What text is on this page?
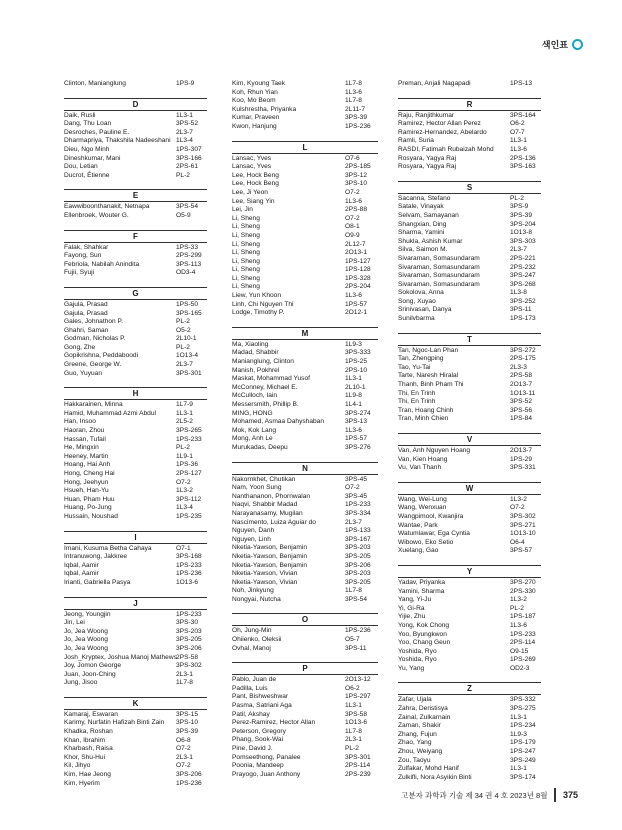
색인표
Clinton, Manianglung	1PS-9
D
Daik, Rusli	1L3-1
Dang, Thu Loan	3PS-52
Desroches, Pauline E.	2L3-7
Dharmapriya, Thakshila Nadeeshani 1L3-4
Dieu, Ngo Minh	1PS-307
Dineshkumar, Mani	3PS-166
Dou, Letian	2PS-61
Ducrot, Étienne	PL-2
E
Eawwiboonthanakit, Netnapa	3PS-54
Ellenbroek, Wouter G.	O5-9
F
Falak, Shahkar	1PS-33
Fayong, Sun	2PS-299
Febriola, Nabilah Anindita	3PS-113
Fujii, Syuji	OD3-4
G
Gajula, Prasad	1PS-50
Gajula, Prasad	3PS-165
Gales, Johnathon P.	PL-2
Ghahri, Saman	O5-2
Godman, Nicholas P.	2L10-1
Gong, Zhe	PL-2
Gopikrishna, Peddaboodi	1O13-4
Greene, George W.	2L3-7
Guo, Yuyuan	3PS-301
H
Hakkarainen, Minna	1L7-9
Hamid, Muhammad Azmi Abdul	1L3-1
Han, Insoo	2L5-2
Haoran, Zhou	3PS-265
Hassan, Tufail	1PS-233
He, Mingxin	PL-2
Heeney, Martin	1L9-1
Hoang, Hai Anh	1PS-36
Hong, Cheng Hai	2PS-127
Hong, Jeehyun	O7-2
Hsueh, Han-Yu	1L3-2
Huan, Pham Huu	3PS-112
Huang, Po-Jung	1L3-4
Hussain, Noushad	1PS-235
I
Imani, Kusuma Betha Cahaya	O7-1
Intranuwong, Jakkree	3PS-168
Iqbal, Aamir	1PS-233
Iqbal, Aamir	1PS-236
Irianti, Gabriella Pasya	1O13-6
J
Jeong, Youngjin	1PS-233
Jin, Lei	3PS-30
Jo, Jea Woong	3PS-203
Jo, Jea Woong	3PS-205
Jo, Jea Woong	3PS-206
Josh_Kryptex, Joshua Manoj Mathews 2PS-58
Joy, Jomon George	3PS-302
Juan, Joon-Ching	2L3-1
Jung, Jisoo	1L7-8
K
Kamaraj, Eswaran	3PS-15
Karimy, Nurfatin Hafizah Binti Zain	3PS-10
Khadka, Roshan	3PS-39
Khan, Ibrahim	O6-8
Kharbash, Raisa	O7-2
Khor, Shu-Hui	2L3-1
Kil, Jihyo	O7-2
Kim, Hae Jeong	3PS-206
Kim, Hyerim	1PS-236
Kim, Kyoung Taek	1L7-8
Koh, Rhun Yian	1L3-6
Koo, Mo Beom	1L7-8
Kulshrestha, Priyanka	2L11-7
Kumar, Praveen	3PS-39
Kwon, Hanjung	1PS-236
L
Lansac, Yves	O7-6
Lansac, Yves	2PS-185
Lee, Hock Beng	3PS-12
Lee, Hock Beng	3PS-10
Lee, Ji Yeon	O7-2
Lee, Siang Yin	1L3-6
Lei, Jin	2PS-88
Li, Sheng	O7-2
Li, Sheng	O8-1
Li, Sheng	O9-9
Li, Sheng	2L12-7
Li, Sheng	2O13-1
Li, Sheng	1PS-127
Li, Sheng	1PS-128
Li, Sheng	1PS-328
Li, Sheng	2PS-204
Liew, Yun Khoon	1L3-6
Linh, Chi Nguyen Thi	1PS-57
Lodge, Timothy P.	2O12-1
M
Ma, Xiaoling	1L9-3
Madad, Shabbir	3PS-333
Manianglung, Clinton	1PS-25
Manish, Pokhrel	2PS-10
Maskat, Mohammad Yusof	1L3-1
McConney, Michael E.	2L10-1
McCulloch, Iain	1L9-8
Messersmith, Phillip B.	1L4-1
MING, HONG	3PS-274
Mohamed, Asmaa Dahyshaban	3PS-13
Mok, Kok Lang	1L3-6
Mong, Anh Le	1PS-57
Murukadas, Deepu	3PS-276
N
Nakornkhet, Chutikan	3PS-45
Nam, Yoon Sung	O7-2
Nanthananon, Phornwalan	3PS-45
Naqvi, Shabbir Madad	1PS-233
Narayanasamy, Mugilan	3PS-334
Nascimento, Luiza Aguiar do	2L3-7
Nguyen, Danh	1PS-133
Nguyen, Linh	3PS-167
Nketia-Yawson, Benjamin	3PS-203
Nketia-Yawson, Benjamin	3PS-205
Nketia-Yawson, Benjamin	3PS-206
Nketia-Yawson, Vivian	3PS-203
Nketia-Yawson, Vivian	3PS-205
Noh, Jinkyung	1L7-8
Nongyai, Nutcha	3PS-54
O
Oh, Jung-Min	1PS-236
Ohiienko, Oleksii	O5-7
Ovhal, Manoj	3PS-11
P
Pablo, Juan de	2O13-12
Padilla, Luis	O6-2
Pant, Bishweshwar	1PS-297
Pasma, Satriani Aga	1L3-1
Patil, Akshay	3PS-58
Perez-Ramirez, Hector Allan	1O13-6
Peterson, Gregory	1L7-8
Phang, Sook-Wai	2L3-1
Pine, David J.	PL-2
Pomseethong, Panalee	3PS-301
Poonia, Mandeep	2PS-114
Prayogo, Juan Anthony	2PS-239
Preman, Anjali Nagapadi	1PS-13
R
Raju, Ranjithkumar	3PS-164
Ramirez, Hector Allan Perez	O6-2
Ramirez-Hernandez, Abelardo	O7-7
Ramli, Suria	1L3-1
RASDI, Fatimah Rubaizah Mohd	1L3-6
Rosyara, Yagya Raj	2PS-136
Rosyara, Yagya Raj	3PS-163
S
Sacanna, Stefano	PL-2
Satale, Vinayak	3PS-9
Selvam, Samayanan	3PS-39
Shangxian, Ding	3PS-204
Sharma, Yamini	1O13-8
Shukla, Ashish Kumar	3PS-303
Silva, Saimon M.	2L3-7
Sivaraman, Somasundaram	2PS-221
Sivaraman, Somasundaram	2PS-232
Sivaraman, Somasundaram	3PS-247
Sivaraman, Somasundaram	3PS-268
Sokolova, Anna	1L3-8
Song, Xuyao	3PS-252
Srinivasan, Danya	3PS-11
Sunilvbarma	1PS-173
T
Tan, Ngoc-Lan Phan	3PS-272
Tan, Zhengping	2PS-175
Tao, Yu-Tai	2L3-3
Tarte, Naresh Hiralal	2PS-58
Thanh, Binh Pham Thi	2O13-7
Thi, En Trinh	1O13-11
Thi, En Trinh	3PS-52
Tran, Hoang Chinh	3PS-56
Tran, Minh Chien	1PS-84
V
Van, Anh Nguyen Hoang	2O13-7
Van, Kien Hoang	1PS-29
Vu, Van Thanh	3PS-331
W
Wang, Wei-Lung	1L3-2
Wang, Wenxuan	O7-2
Wangpimool, Kwanjira	3PS-302
Wantae, Park	3PS-271
Watumlawar, Ega Cyntia	1O13-10
Wibowo, Eko Setio	O6-4
Xuelang, Gao	3PS-57
Y
Yadav, Priyanka	3PS-270
Yamini, Sharma	2PS-330
Yang, Yi-Ju	1L3-2
Yi, Gi-Ra	PL-2
Yijie, Zhu	1PS-187
Yong, Kok Chong	1L3-6
Yoo, Byungkwon	1PS-233
Yoo, Chang Geun	2PS-114
Yoshida, Ryo	O9-15
Yoshida, Ryo	1PS-269
Yu, Yang	OD2-3
Z
Zafar, Ujala	3PS-332
Zahra, Deristisya	3PS-275
Zainal, Zulkarnain	1L3-1
Zaman, Shakir	1PS-234
Zhang, Fujun	1L9-3
Zhao, Yang	1PS-179
Zhou, Weiyang	1PS-247
Zou, Taoyu	3PS-249
Zulfakar, Mohd Hanif	1L3-1
Zulkifli, Nora Asyikin Binti	3PS-174
고분자 과학과 기술 제 34 권 4 호 2023년 8월 375
